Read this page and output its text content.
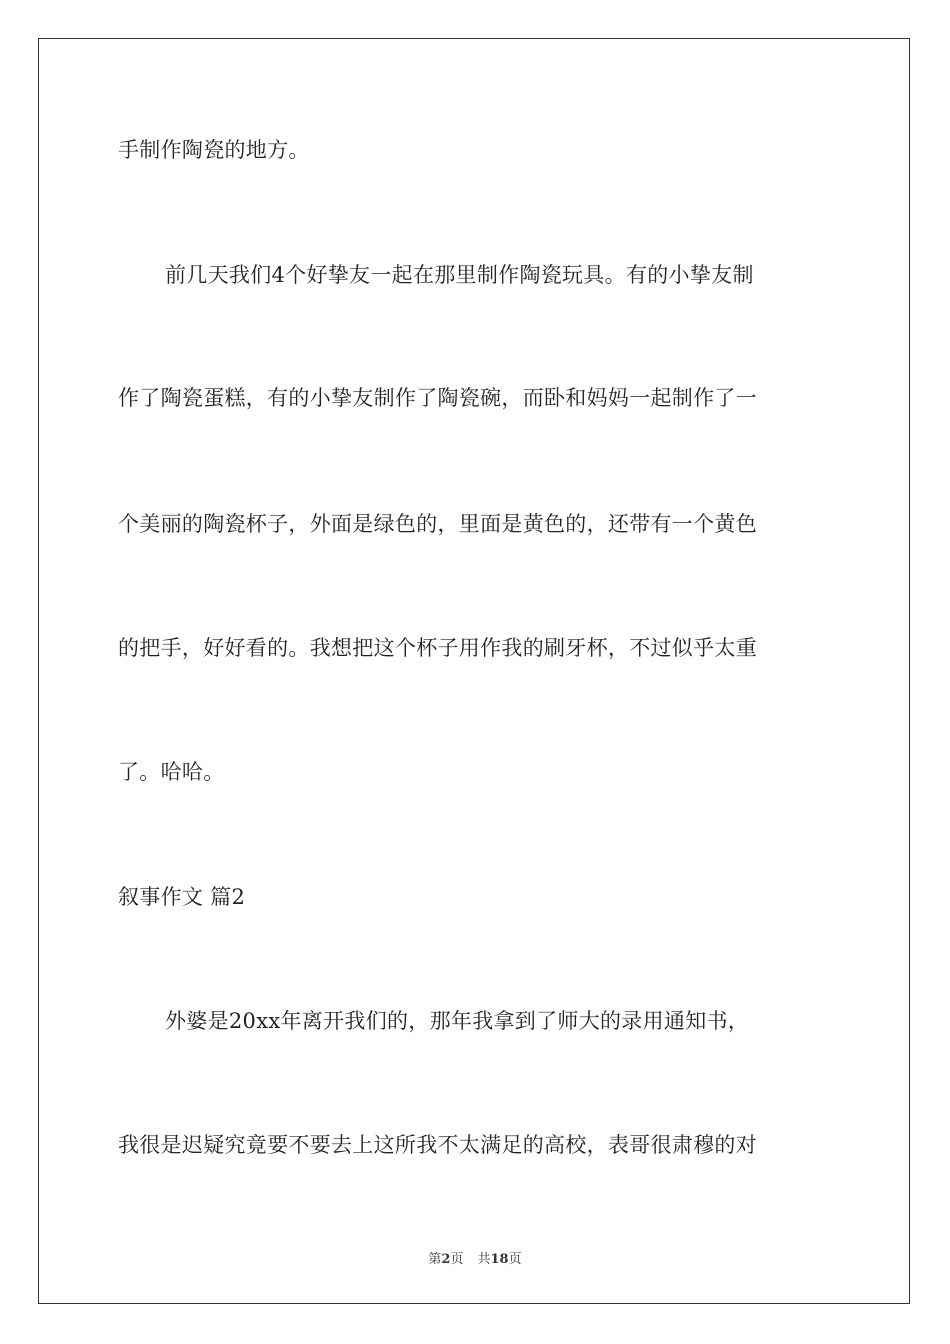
手制作陶瓷的地方。
前几天我们4个好挚友一起在那里制作陶瓷玩具。有的小挚友制
作了陶瓷蛋糕，有的小挚友制作了陶瓷碗，而卧和妈妈一起制作了一
个美丽的陶瓷杯子，外面是绿色的，里面是黄色的，还带有一个黄色
的把手，好好看的。我想把这个杯子用作我的刷牙杯，不过似乎太重
了。哈哈。
叙事作文 篇2
外婆是20xx年离开我们的，那年我拿到了师大的录用通知书，
我很是迟疑究竟要不要去上这所我不太满足的高校，表哥很肃穆的对
第2页 共18页
